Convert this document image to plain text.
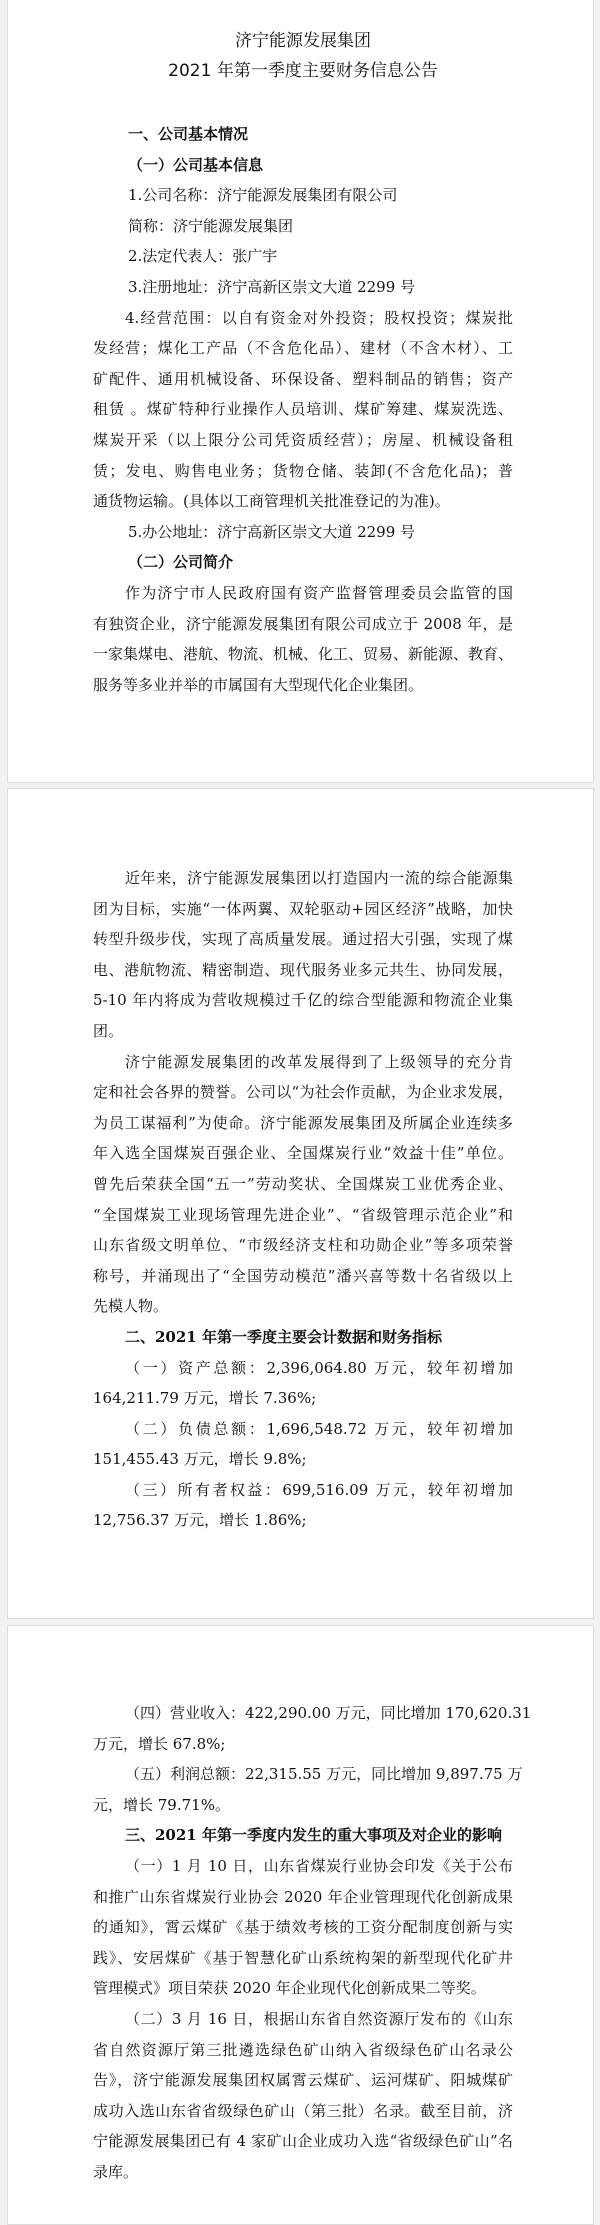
济宁能源发展集团
2021 年第一季度主要财务信息公告
一、公司基本情况
（一）公司基本信息
1.公司名称：济宁能源发展集团有限公司
简称：济宁能源发展集团
2.法定代表人：张广宇
3.注册地址：济宁高新区崇文大道 2299 号
4.经营范围：以自有资金对外投资；股权投资；煤炭批
发经营；煤化工产品（不含危化品）、建材（不含木材）、工
矿配件、通用机械设备、环保设备、塑料制品的销售；资产
租赁 。煤矿特种行业操作人员培训、煤矿筹建、煤炭洗选、
煤炭开采（以上限分公司凭资质经营）；房屋、机械设备租
赁；发电、购售电业务；货物仓储、装卸(不含危化品)；普
通货物运输。(具体以工商管理机关批准登记的为准)。
5.办公地址：济宁高新区崇文大道 2299 号
（二）公司简介
作为济宁市人民政府国有资产监督管理委员会监管的国
有独资企业，济宁能源发展集团有限公司成立于 2008 年，是
一家集煤电、港航、物流、机械、化工、贸易、新能源、教育、
服务等多业并举的市属国有大型现代化企业集团。
近年来，济宁能源发展集团以打造国内一流的综合能源集
团为目标，实施“一体两翼、双轮驱动+园区经济”战略，加快
转型升级步伐，实现了高质量发展。通过招大引强，实现了煤
电、港航物流、精密制造、现代服务业多元共生、协同发展，
5-10 年内将成为营收规模过千亿的综合型能源和物流企业集
团。
济宁能源发展集团的改革发展得到了上级领导的充分肯
定和社会各界的赞誉。公司以“为社会作贡献，为企业求发展，
为员工谋福利”为使命。济宁能源发展集团及所属企业连续多
年入选全国煤炭百强企业、全国煤炭行业“效益十佳”单位。
曾先后荣获全国“五一”劳动奖状、全国煤炭工业优秀企业、
“全国煤炭工业现场管理先进企业”、“省级管理示范企业”和
山东省级文明单位、“市级经济支柱和功勋企业”等多项荣誉
称号，并涌现出了“全国劳动模范”潘兴喜等数十名省级以上
先模人物。
二、2021 年第一季度主要会计数据和财务指标
（一）资产总额：2,396,064.80 万元，较年初增加
164,211.79 万元，增长 7.36%;
（二）负债总额：1,696,548.72 万元，较年初增加
151,455.43 万元，增长 9.8%;
（三）所有者权益：699,516.09 万元，较年初增加
12,756.37 万元，增长 1.86%;
（四）营业收入：422,290.00 万元，同比增加 170,620.31
万元，增长 67.8%;
（五）利润总额：22,315.55 万元，同比增加 9,897.75 万
元，增长 79.71%。
三、2021 年第一季度内发生的重大事项及对企业的影响
（一）1 月 10 日，山东省煤炭行业协会印发《关于公布
和推广山东省煤炭行业协会 2020 年企业管理现代化创新成果
的通知》，霄云煤矿《基于绩效考核的工资分配制度创新与实
践》、安居煤矿《基于智慧化矿山系统构架的新型现代化矿井
管理模式》项目荣获 2020 年企业现代化创新成果二等奖。
（二）3 月 16 日，根据山东省自然资源厅发布的《山东
省自然资源厅第三批遴选绿色矿山纳入省级绿色矿山名录公
告》，济宁能源发展集团权属霄云煤矿、运河煤矿、阳城煤矿
成功入选山东省省级绿色矿山（第三批）名录。截至目前，济
宁能源发展集团已有 4 家矿山企业成功入选“省级绿色矿山”名
录库。
